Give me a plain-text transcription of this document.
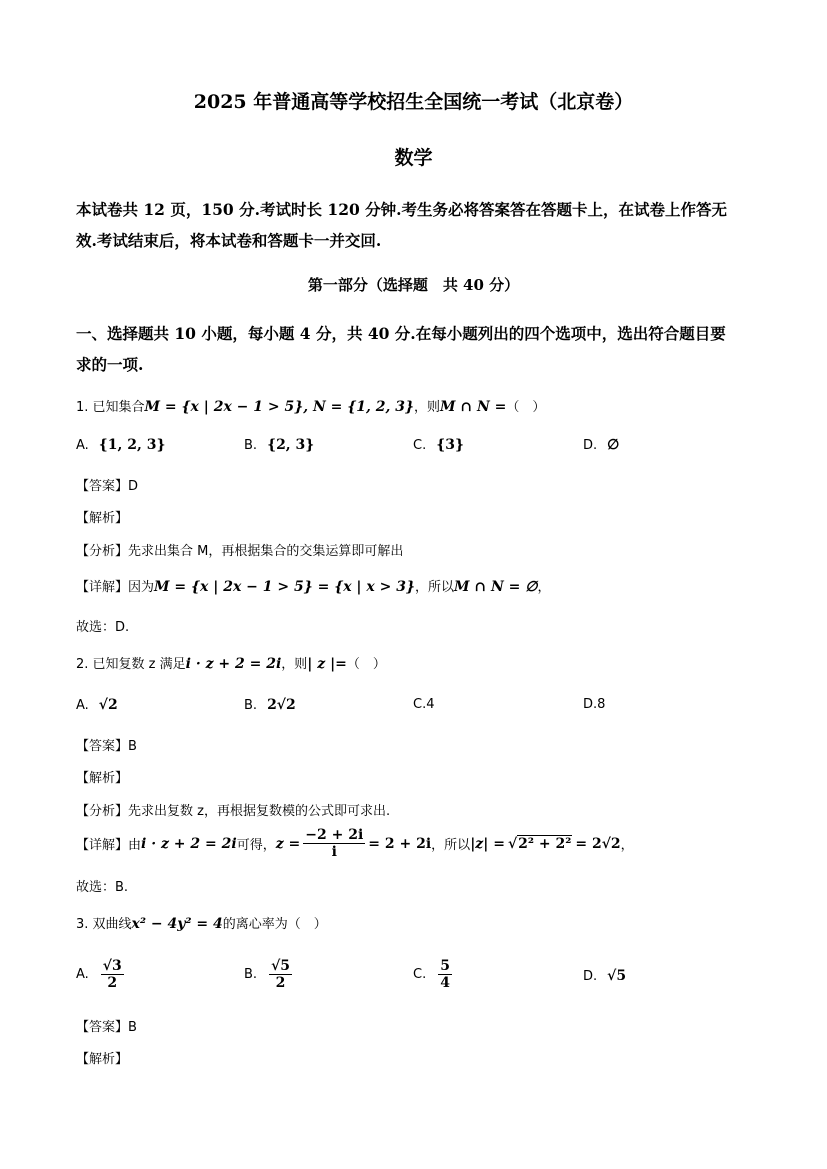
2025 年普通高等学校招生全国统一考试（北京卷）
数学
本试卷共 12 页，150 分.考试时长 120 分钟.考生务必将答案答在答题卡上，在试卷上作答无
效.考试结束后，将本试卷和答题卡一并交回.
第一部分（选择题　共 40 分）
一、选择题共 10 小题，每小题 4 分，共 40 分.在每小题列出的四个选项中，选出符合题目要
求的一项.
1. 已知集合M = {x | 2x − 1 > 5}, N = {1, 2, 3}，则M ∩ N =（　）
A. {1, 2, 3}	B. {2, 3}	C. {3}	D. ∅
【答案】D
【解析】
【分析】先求出集合 M，再根据集合的交集运算即可解出
【详解】因为M = {x | 2x − 1 > 5} = {x | x > 3}，所以M ∩ N = ∅，
故选：D.
2. 已知复数 z 满足i · z + 2 = 2i，则| z |=（　）
A. √2	B. 2√2	C.4	D.8
【答案】B
【解析】
【分析】先求出复数 z，再根据复数模的公式即可求出.
【详解】 由 i · z + 2 = 2i 可得， $z = \frac{-2 + 2i}{i} = 2 + 2i$ ，所以 |z| = √2² + 2² = 2√2 ，
故选：B.
3. 双曲线x² − 4y² = 4的离心率为（　）
A. $\frac{√3}{2}$	B. $\frac{√5}{2}$	C. $\frac{5}{4}$	D. √5
【答案】B
【解析】
